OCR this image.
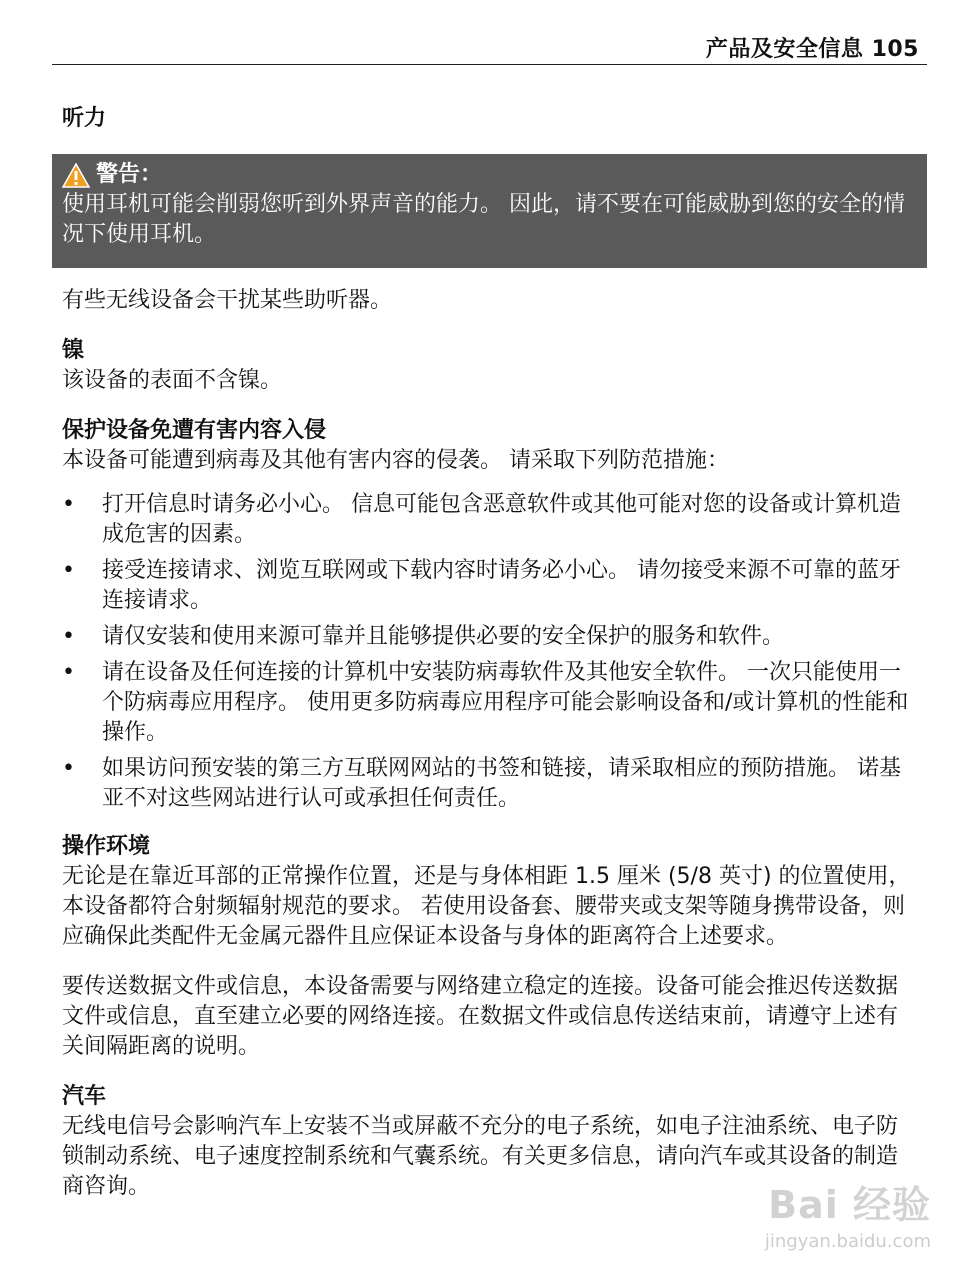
产品及安全信息 105

听力

警告：
使用耳机可能会削弱您听到外界声音的能力。 因此，请不要在可能威胁到您的安全的情况下使用耳机。

有些无线设备会干扰某些助听器。

镍

该设备的表面不含镍。

保护设备免遭有害内容入侵

本设备可能遭到病毒及其他有害内容的侵袭。 请采取下列防范措施：

• 打开信息时请务必小心。 信息可能包含恶意软件或其他可能对您的设备或计算机造成危害的因素。
• 接受连接请求、浏览互联网或下载内容时请务必小心。 请勿接受来源不可靠的蓝牙连接请求。
• 请仅安装和使用来源可靠并且能够提供必要的安全保护的服务和软件。
• 请在设备及任何连接的计算机中安装防病毒软件及其他安全软件。 一次只能使用一个防病毒应用程序。 使用更多防病毒应用程序可能会影响设备和/或计算机的性能和操作。
• 如果访问预安装的第三方互联网网站的书签和链接，请采取相应的预防措施。 诺基亚不对这些网站进行认可或承担任何责任。

操作环境

无论是在靠近耳部的正常操作位置，还是与身体相距 1.5 厘米 (5/8 英寸) 的位置使用，本设备都符合射频辐射规范的要求。 若使用设备套、腰带夹或支架等随身携带设备，则应确保此类配件无金属元器件且应保证本设备与身体的距离符合上述要求。

要传送数据文件或信息，本设备需要与网络建立稳定的连接。设备可能会推迟传送数据文件或信息，直至建立必要的网络连接。在数据文件或信息传送结束前，请遵守上述有关间隔距离的说明。

汽车

无线电信号会影响汽车上安装不当或屏蔽不充分的电子系统，如电子注油系统、电子防锁制动系统、电子速度控制系统和气囊系统。有关更多信息，请向汽车或其设备的制造商咨询。	Bai 经验
jingyan.baidu.com
